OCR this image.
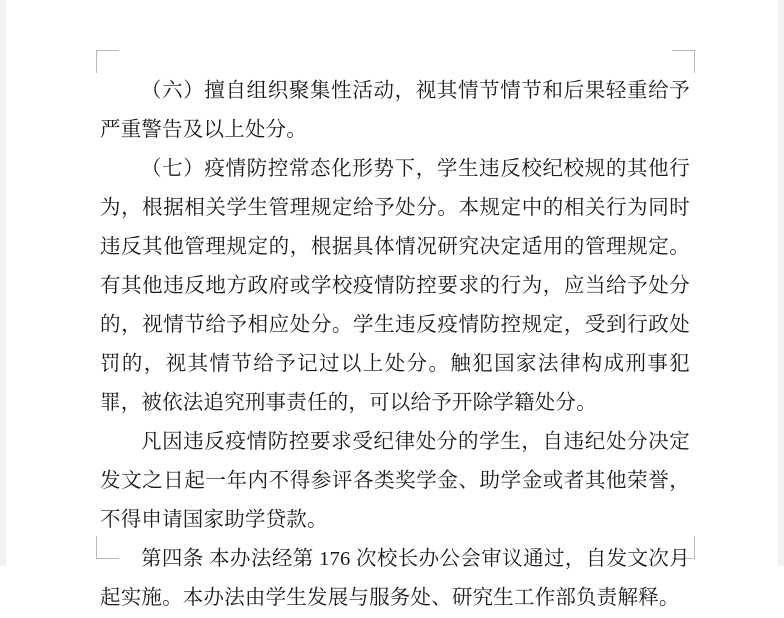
（六）擅自组织聚集性活动，视其情节情节和后果轻重给予严重警告及以上处分。

（七）疫情防控常态化形势下，学生违反校纪校规的其他行为，根据相关学生管理规定给予处分。本规定中的相关行为同时违反其他管理规定的，根据具体情况研究决定适用的管理规定。有其他违反地方政府或学校疫情防控要求的行为，应当给予处分的，视情节给予相应处分。学生违反疫情防控规定，受到行政处罚的，视其情节给予记过以上处分。触犯国家法律构成刑事犯罪，被依法追究刑事责任的，可以给予开除学籍处分。

凡因违反疫情防控要求受纪律处分的学生，自违纪处分决定发文之日起一年内不得参评各类奖学金、助学金或者其他荣誉，不得申请国家助学贷款。

第四条 本办法经第 176 次校长办公会审议通过，自发文次月起实施。本办法由学生发展与服务处、研究生工作部负责解释。
